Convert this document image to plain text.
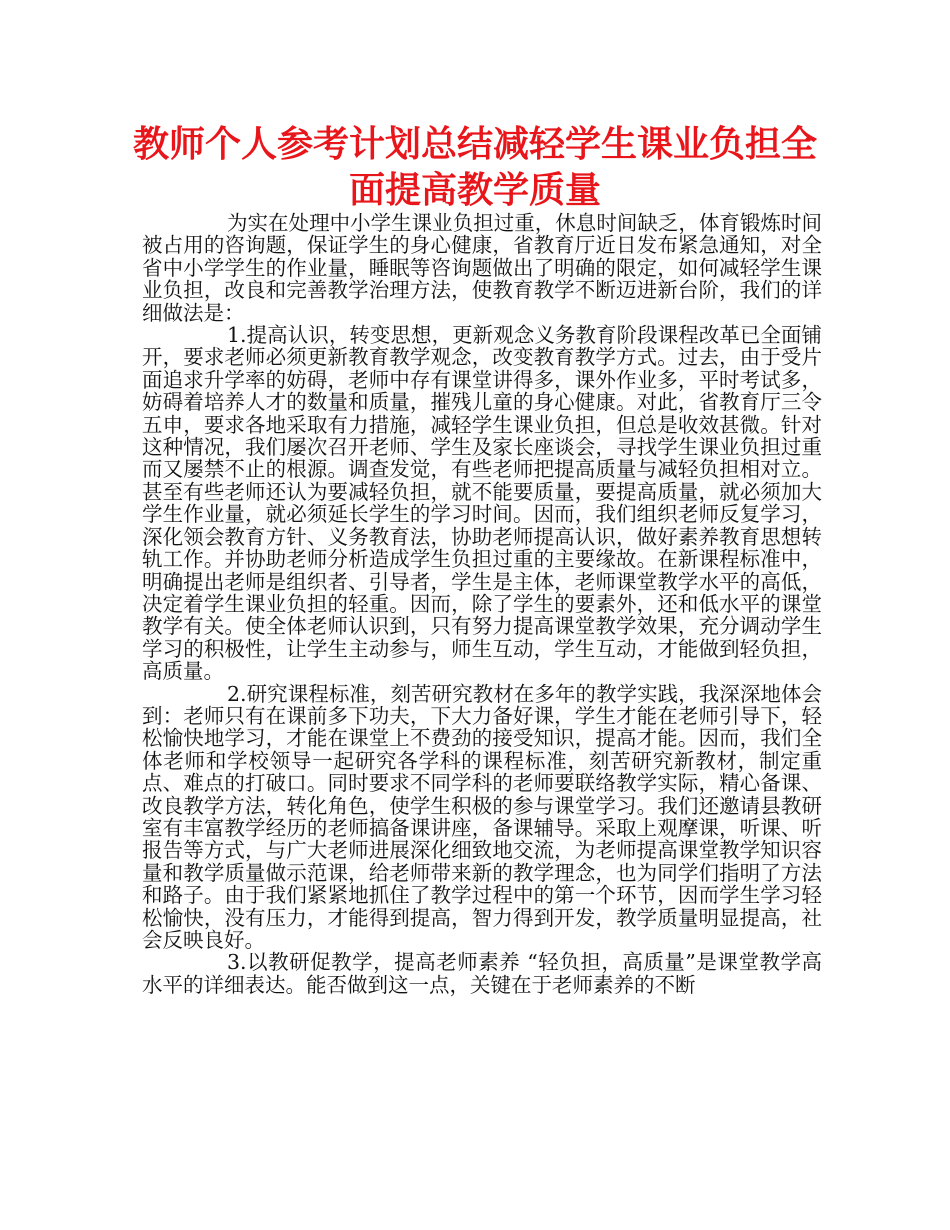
教师个人参考计划总结减轻学生课业负担全面提高教学质量

为实在处理中小学生课业负担过重，休息时间缺乏，体育锻炼时间被占用的咨询题，保证学生的身心健康，省教育厅近日发布紧急通知，对全省中小学学生的作业量，睡眠等咨询题做出了明确的限定，如何减轻学生课业负担，改良和完善教学治理方法，使教育教学不断迈进新台阶，我们的详细做法是：

1.提高认识，转变思想，更新观念义务教育阶段课程改革已全面铺开，要求老师必须更新教育教学观念，改变教育教学方式。过去，由于受片面追求升学率的妨碍，老师中存有课堂讲得多，课外作业多，平时考试多，妨碍着培养人才的数量和质量，摧残儿童的身心健康。对此，省教育厅三令五申，要求各地采取有力措施，减轻学生课业负担，但总是收效甚微。针对这种情况，我们屡次召开老师、学生及家长座谈会，寻找学生课业负担过重而又屡禁不止的根源。调查发觉，有些老师把提高质量与减轻负担相对立。甚至有些老师还认为要减轻负担，就不能要质量，要提高质量，就必须加大学生作业量，就必须延长学生的学习时间。因而，我们组织老师反复学习，深化领会教育方针、义务教育法，协助老师提高认识，做好素养教育思想转轨工作。并协助老师分析造成学生负担过重的主要缘故。在新课程标准中，明确提出老师是组织者、引导者，学生是主体，老师课堂教学水平的高低，决定着学生课业负担的轻重。因而，除了学生的要素外，还和低水平的课堂教学有关。使全体老师认识到，只有努力提高课堂教学效果，充分调动学生学习的积极性，让学生主动参与，师生互动，学生互动，才能做到轻负担，高质量。

2.研究课程标准，刻苦研究教材在多年的教学实践，我深深地体会到：老师只有在课前多下功夫，下大力备好课，学生才能在老师引导下，轻松愉快地学习，才能在课堂上不费劲的接受知识，提高才能。因而，我们全体老师和学校领导一起研究各学科的课程标准，刻苦研究新教材，制定重点、难点的打破口。同时要求不同学科的老师要联络教学实际，精心备课、改良教学方法，转化角色，使学生积极的参与课堂学习。我们还邀请县教研室有丰富教学经历的老师搞备课讲座，备课辅导。采取上观摩课，听课、听报告等方式，与广大老师进展深化细致地交流，为老师提高课堂教学知识容量和教学质量做示范课，给老师带来新的教学理念，也为同学们指明了方法和路子。由于我们紧紧地抓住了教学过程中的第一个环节，因而学生学习轻松愉快，没有压力，才能得到提高，智力得到开发，教学质量明显提高，社会反映良好。

3.以教研促教学，提高老师素养 “轻负担，高质量”是课堂教学高水平的详细表达。能否做到这一点，关键在于老师素养的不断
